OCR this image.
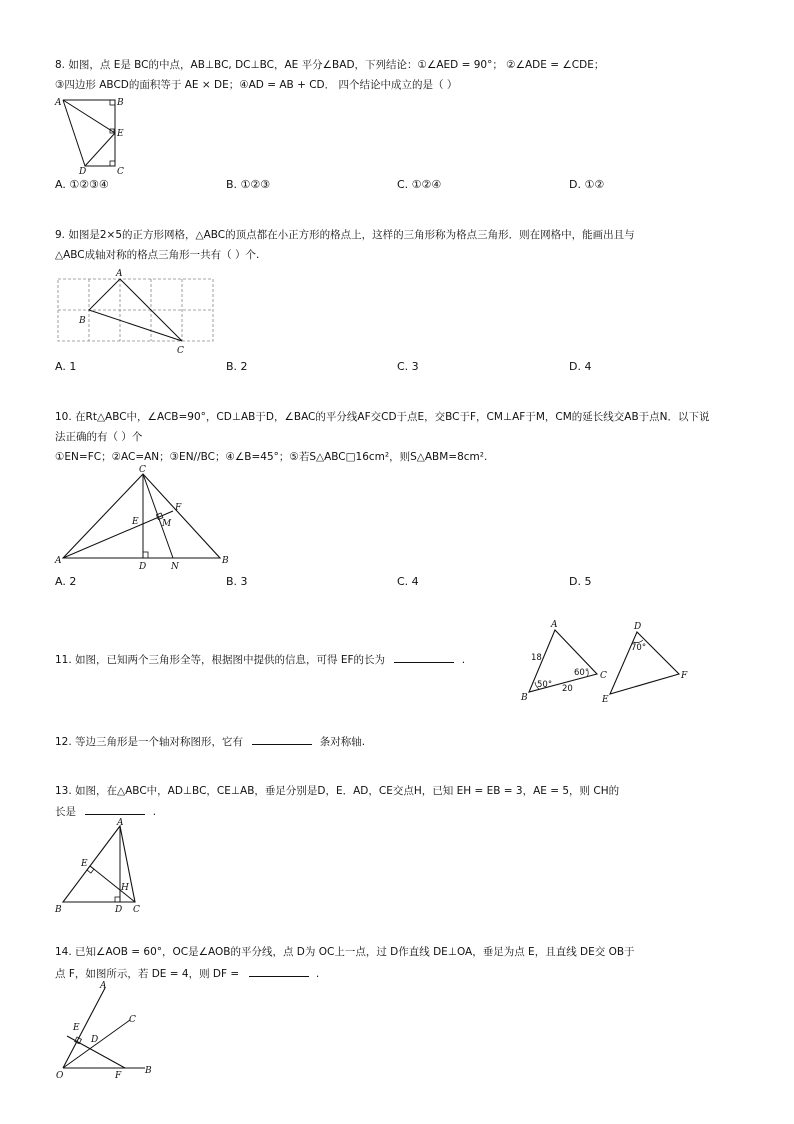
8. 如图，点 E是 BC的中点，AB⊥BC, DC⊥BC，AE 平分∠BAD，下列结论：①∠AED = 90°； ②∠ADE = ∠CDE；
③四边形 ABCD的面积等于 AE × DE；④AD = AB + CD． 四个结论中成立的是（ ）
A	B
E
D	C
A. ①②③④	B. ①②③	C. ①②④	D. ①②
9. 如图是2×5的正方形网格，△ABC的顶点都在小正方形的格点上，这样的三角形称为格点三角形．则在网格中，能画出且与
△ABC成轴对称的格点三角形一共有（ ）个.
A
B
C
A. 1	B. 2	C. 3	D. 4
10. 在Rt△ABC中，∠ACB=90°，CD⊥AB于D，∠BAC的平分线AF交CD于点E，交BC于F，CM⊥AF于M，CM的延长线交AB于点N．以下说
法正确的有（ ）个
①EN=FC；②AC=AN；③EN//BC；④∠B=45°；⑤若S△ABC□16cm²，则S△ABM=8cm².
C
F
E	M
A
D	N
B
A. 2	B. 3	C. 4	D. 5
11. 如图，已知两个三角形全等，根据图中提供的信息，可得 EF的长为	.
A
18
60° C
50° 20
B
D
70°
F
E
12. 等边三角形是一个轴对称图形，它有	条对称轴.
13. 如图，在△ABC中，AD⊥BC，CE⊥AB，垂足分别是D，E．AD，CE交点H，已知 EH = EB = 3，AE = 5，则 CH的
长是	.
A
E
H
B	D C
14. 已知∠AOB = 60°，OC是∠AOB的平分线，点 D为 OC上一点，过 D作直线 DE⊥OA，垂足为点 E，且直线 DE交 OB于
点 F，如图所示，若 DE = 4，则 DF =	.
A
C
E
D
O	F	B
